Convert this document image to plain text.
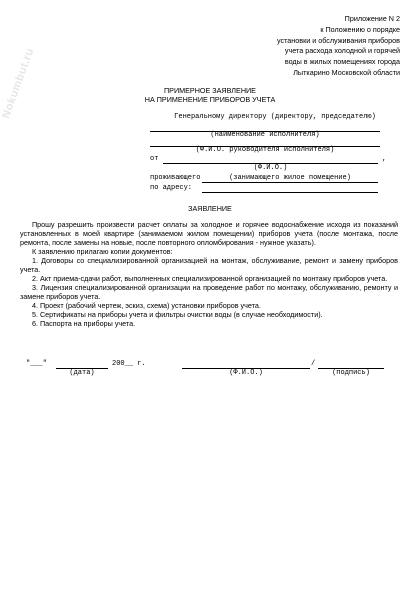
Nokumbut.ru
Приложение N 2
к Положению о порядке
установки и обслуживания приборов
учета расхода холодной и горячей
воды в жилых помещениях города
Лыткарино Московской области
ПРИМЕРНОЕ ЗАЯВЛЕНИЕ
НА ПРИМЕНЕНИЕ ПРИБОРОВ УЧЕТА
Генеральному директору (директору, председателю)
(наименование исполнителя)
(Ф.И.О. руководителя исполнителя)
от	,
(Ф.И.О.)
проживающего	(занимающего жилое помещение)
по адресу:
ЗАЯВЛЕНИЕ

Прошу разрешить произвести расчет оплаты за холодное и горячее водоснабжение исходя из показаний установленных в моей квартире (занимаемом жилом помещении) приборов учета (после монтажа, после ремонта, после замены на новые, после повторного опломбирования - нужное указать).

К заявлению прилагаю копии документов:

1. Договоры со специализированной организацией на монтаж, обслуживание, ремонт и замену приборов учета.

2. Акт приема-сдачи работ, выполненных специализированной организацией по монтажу приборов учета.

3. Лицензия специализированной организации на проведение работ по монтажу, обслуживанию, ремонту и замене приборов учета.

4. Проект (рабочий чертеж, эскиз, схема) установки приборов учета.

5. Сертификаты на приборы учета и фильтры очистки воды (в случае необходимости).

6. Паспорта на приборы учета.

"___"	200__ г.
(дата)
/
(Ф.И.О.)	(подпись)
